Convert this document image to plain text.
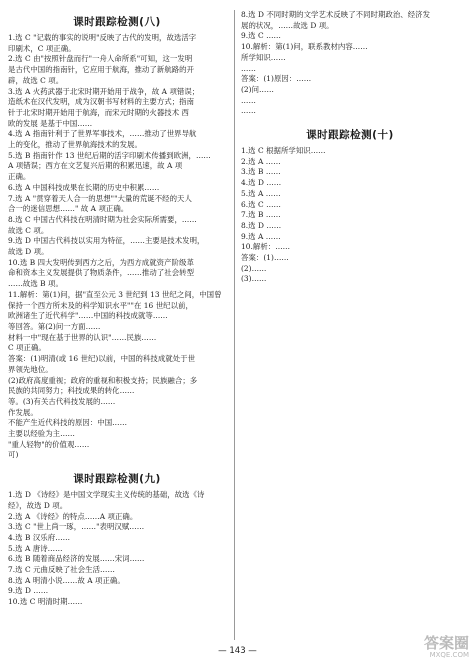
课时跟踪检测(八)
1.选 C "记载的事实的说明"反映了古代的发明，故选活字
印刷术，C 项正确。
2.选 C 由"按照针盘而行"一舟人命所系"可知，这一发明
是古代中国的指南针，它应用于航海，推动了新航路的开
辟，故选 C 项。
3.选 A 火药武器于北宋时期开始用于战争，故 A 项错误；
造纸术在汉代发明，成为汉朝书写材料的主要方式；指南
针于北宋时期开始用于航海，而宋元时期的火器技术 西
欧的发展 是基于中国……
4.选 A 指南针利于了世界军事技术，……推动了世界导航
上的变化，推动了世界航海技术的发展。
5.选 B 指南针作 13 世纪后期的活字印刷术传播到欧洲，……
A 项错误；西方在文艺复兴后期的积累迅速，故 A 项
正确。
6.选 A 中国科技成果在长期的历史中积累……
7.选 A "贯穿着天人合一的思想""大量的荒诞不经的天人
合一的迷信思想……" 故 A 项正确。
8.选 C 中国古代科技在明清时期为社会实际所需要，……
故选 C 项。
9.选 D 中国古代科技以实用为特征，……主要是技术发明，
故选 D 项。
10.选 B 四大发明传到西方之后，为西方成就资产阶级革
命和资本主义发展提供了物质条件，……推动了社会转型
……故选 B 项。
11.解析：第(1)问，据"直至公元 3 世纪到 13 世纪之间，中国曾
保持一个西方所未及的科学知识水平""在 16 世纪以前，
欧洲诸生了近代科学"……中国的科技成就等……
等回答。第(2)问一方面……
材料一中"现在基于世界的认识"……民族……
C 项正确。
答案：(1)明清(或 16 世纪)以前，中国的科技成就处于世
界领先地位。
(2)政府高度重视；政府的重视和积极支持；民族融合；多
民族的共同努力；科技成果的转化……
等。(3)有关古代科技发展的……
作发展。
不能产生近代科技的原因：中国……
主要以经验为主……
"重人轻物"的价值观……
可)
课时跟踪检测(九)
1.选 D 《诗经》是中国文学现实主义传统的基础，故选《诗
经》，故选 D 项。
2.选 A 《诗经》的特点……A 项正确。
3.选 C "世上尚一琢，……"表明汉赋……
4.选 B 汉乐府……
5.选 A 唐诗……
6.选 B 随着商品经济的发展……宋词……
7.选 C 元曲反映了社会生活……
8.选 A 明清小说……故 A 项正确。
9.选 D ……
10.选 C 明清时期……
8.选 D 不同时期的文学艺术反映了不同时期政治、经济发
展的状况，……故选 D 项。
9.选 C ……
10.解析：第(1)问，联系教材内容……
所学知识……
……
答案：(1)原因：……
(2)问……
……
……
课时跟踪检测(十)
1.选 C 根据所学知识……
2.选 A ……
3.选 B ……
4.选 D ……
5.选 A ……
6.选 C ……
7.选 B ……
8.选 D ……
9.选 A ……
10.解析：……
答案：(1)……
(2)……
(3)……
— 143 —	答案圈
MXQE.COM
